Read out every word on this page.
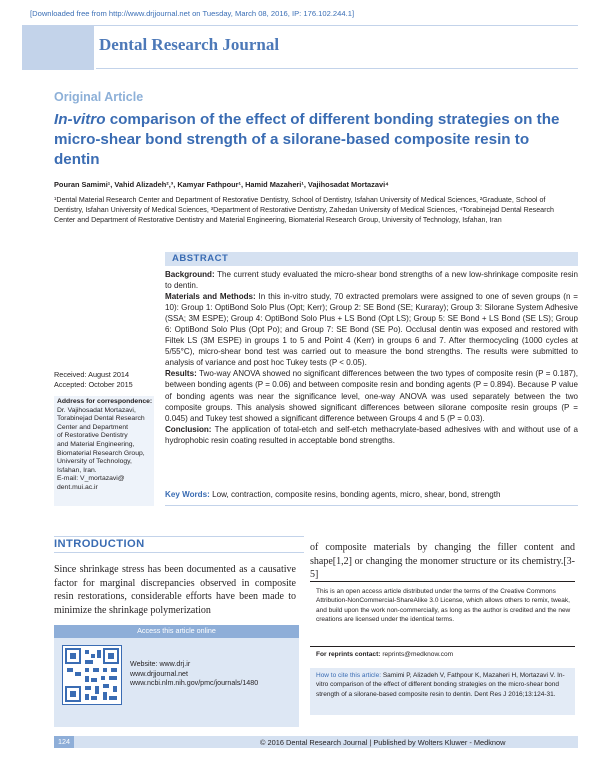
[Downloaded free from http://www.drjjournal.net on Tuesday, March 08, 2016, IP: 176.102.244.1]
Dental Research Journal
Original Article
In-vitro comparison of the effect of different bonding strategies on the micro-shear bond strength of a silorane-based composite resin to dentin
Pouran Samimi¹, Vahid Alizadeh²,³, Kamyar Fathpour¹, Hamid Mazaheri¹, Vajihosadat Mortazavi⁴
¹Dental Material Research Center and Department of Restorative Dentistry, School of Dentistry, Isfahan University of Medical Sciences, ²Graduate, School of Dentistry, Isfahan University of Medical Sciences, ³Department of Restorative Dentistry, Zahedan University of Medical Sciences, ⁴Torabinejad Dental Research Center and Department of Restorative Dentistry and Material Engineering, Biomaterial Research Group, University of Technology, Isfahan, Iran
ABSTRACT

Background: The current study evaluated the micro-shear bond strengths of a new low-shrinkage composite resin to dentin.

Materials and Methods: In this in-vitro study, 70 extracted premolars were assigned to one of seven groups (n = 10): Group 1: OptiBond Solo Plus (Opt; Kerr); Group 2: SE Bond (SE; Kuraray); Group 3: Silorane System Adhesive (SSA; 3M ESPE); Group 4: OptiBond Solo Plus + LS Bond (Opt LS); Group 5: SE Bond + LS Bond (SE LS); Group 6: OptiBond Solo Plus (Opt Po); and Group 7: SE Bond (SE Po). Occlusal dentin was exposed and restored with Filtek LS (3M ESPE) in groups 1 to 5 and Point 4 (Kerr) in groups 6 and 7. After thermocycling (1000 cycles at 5/55°C), micro-shear bond test was carried out to measure the bond strengths. The results were submitted to analysis of variance and post hoc Tukey tests (P < 0.05).

Results: Two-way ANOVA showed no significant differences between the two types of composite resin (P = 0.187), between bonding agents (P = 0.06) and between composite resin and bonding agents (P = 0.894). Because P value of bonding agents was near the significance level, one-way ANOVA was used separately between the two composite groups. This analysis showed significant differences between silorane composite resin groups (P = 0.045) and Tukey test showed a significant difference between Groups 4 and 5 (P = 0.03).

Conclusion: The application of total-etch and self-etch methacrylate-based adhesives with and without use of a hydrophobic resin coating resulted in acceptable bond strengths.

Key Words: Low, contraction, composite resins, bonding agents, micro, shear, bond, strength
Received: August 2014
Accepted: October 2015
Address for correspondence:
Dr. Vajihosadat Mortazavi,
Torabinejad Dental Research
Center and Department
of Restorative Dentistry
and Material Engineering,
Biomaterial Research Group,
University of Technology,
Isfahan, Iran.
E-mail: V_mortazavi@
dent.mui.ac.ir
INTRODUCTION
Since shrinkage stress has been documented as a causative factor for marginal discrepancies observed in composite resin restorations, considerable efforts have been made to minimize the shrinkage polymerization
of composite materials by changing the filler content and shape[1,2] or changing the monomer structure or its chemistry.[3-5]
Access this article online
Website: www.drj.ir
www.drjjournal.net
www.ncbi.nlm.nih.gov/pmc/journals/1480
This is an open access article distributed under the terms of the Creative Commons Attribution-NonCommercial-ShareAlike 3.0 License, which allows others to remix, tweak, and build upon the work non-commercially, as long as the author is credited and the new creations are licensed under the identical terms.
For reprints contact: reprints@medknow.com
How to cite this article: Samimi P, Alizadeh V, Fathpour K, Mazaheri H, Mortazavi V. In-vitro comparison of the effect of different bonding strategies on the micro-shear bond strength of a silorane-based composite resin to dentin. Dent Res J 2016;13:124-31.
124	© 2016 Dental Research Journal | Published by Wolters Kluwer - Medknow
